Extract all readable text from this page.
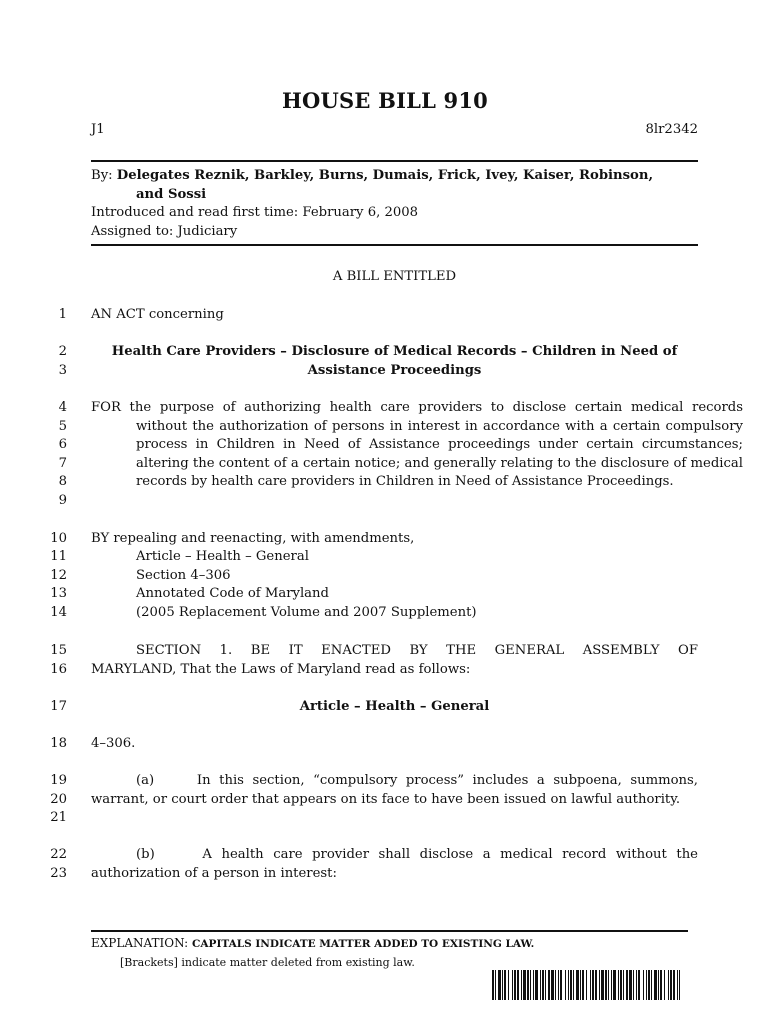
HOUSE BILL 910
J1	8lr2342
By: Delegates Reznik, Barkley, Burns, Dumais, Frick, Ivey, Kaiser, Robinson,
and Sossi
Introduced and read first time: February 6, 2008
Assigned to: Judiciary
A BILL ENTITLED
1
2
3
4
5
6
7
8
9
10
11
12
13
14
15
16
17
18
19
20
21
22
23
AN ACT concerning
Health Care Providers – Disclosure of Medical Records – Children in Need of
Assistance Proceedings
FOR the purpose of authorizing health care providers to disclose certain medical records without the authorization of persons in interest in accordance with a certain compulsory process in Children in Need of Assistance proceedings under certain circumstances; altering the content of a certain notice; and generally relating to the disclosure of medical records by health care providers in Children in Need of Assistance Proceedings.
BY repealing and reenacting, with amendments,
Article – Health – General
Section 4–306
Annotated Code of Maryland
(2005 Replacement Volume and 2007 Supplement)
SECTION 1. BE IT ENACTED BY THE GENERAL ASSEMBLY OF
MARYLAND, That the Laws of Maryland read as follows:
Article – Health – General
4–306.
(a)     In this section, “compulsory process” includes a subpoena, summons, warrant, or court order that appears on its face to have been issued on lawful authority.
(b)     A health care provider shall disclose a medical record without the authorization of a person in interest:
EXPLANATION: CAPITALS INDICATE MATTER ADDED TO EXISTING LAW.
[Brackets] indicate matter deleted from existing law.
